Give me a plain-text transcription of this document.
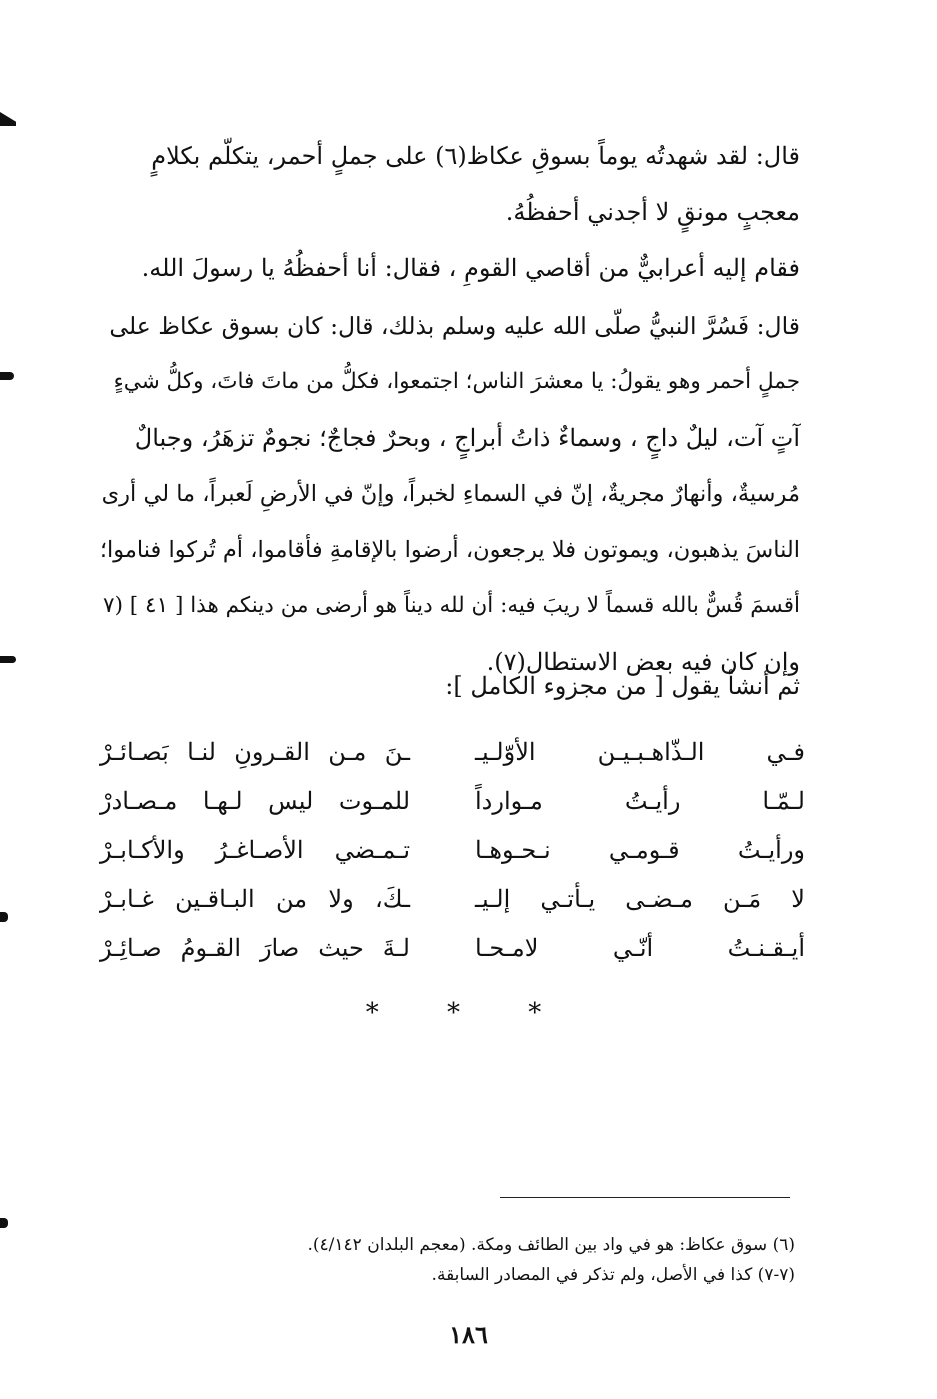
قال: لقد شهدتُه يوماً بسوقِ عكاظ(٦) على جملٍ أحمر، يتكلّم بكلامٍ
معجبٍ مونقٍ لا أجدني أحفظُهُ.
فقام إليه أعرابيٌّ من أقاصي القومِ ، فقال: أنا أحفظُهُ يا رسولَ الله.
قال: فَسُرَّ النبيُّ صلّى الله عليه وسلم بذلك، قال: كان بسوق عكاظ على
جملٍ أحمر وهو يقولُ: يا معشرَ الناس؛ اجتمعوا، فكلُّ من ماتَ فاتَ، وكلُّ شيءٍ
آتٍ آت، ليلٌ داجٍ ، وسماءٌ ذاتُ أبراجٍ ، وبحرٌ فجاجٌ؛ نجومٌ تزهَرُ، وجبالٌ
مُرسيةٌ، وأنهارٌ مجريةٌ، إنّ في السماءِ لخبراً، وإنّ في الأرضِ لَعبراً، ما لي أرى
الناسَ يذهبون، ويموتون فلا يرجعون، أرضوا بالإقامةِ فأقاموا، أم تُركوا فناموا؛
أقسمَ قُسٌّ بالله قسماً لا ريبَ فيه: أن لله ديناً هو أرضى من دينكم هذا [ ٤١ ] (٧
وإن كان فيه بعض الاستطال(٧).
ثم أنشأ يقول [ من مجزوء الكامل ]:
فـي الـذّاهـبـيـن الأوّلـيـ
ـنَ مـن القـرونِ لنـا بَصـائـرْ
لـمّـا رأيـتُ مـوارداً
للمـوت ليس لـهـا مـصـادرْ
ورأيـتُ قـومـي نـحـوهـا
تـمـضي الأصـاغـرُ والأكـابـرْ
لا مَـن مـضـى يـأتـي إلـيـ
ـكَ، ولا من البـاقـين غـابـرْ
أيـقـنـتُ أنّـي لامـحـا
لـةَ حيث صارَ القـومُ صـائِـرْ
* * *
(٦) سوق عكاظ: هو في واد بين الطائف ومكة. (معجم البلدان ٤/١٤٢).
(٧-٧) كذا في الأصل، ولم تذكر في المصادر السابقة.
١٨٦
